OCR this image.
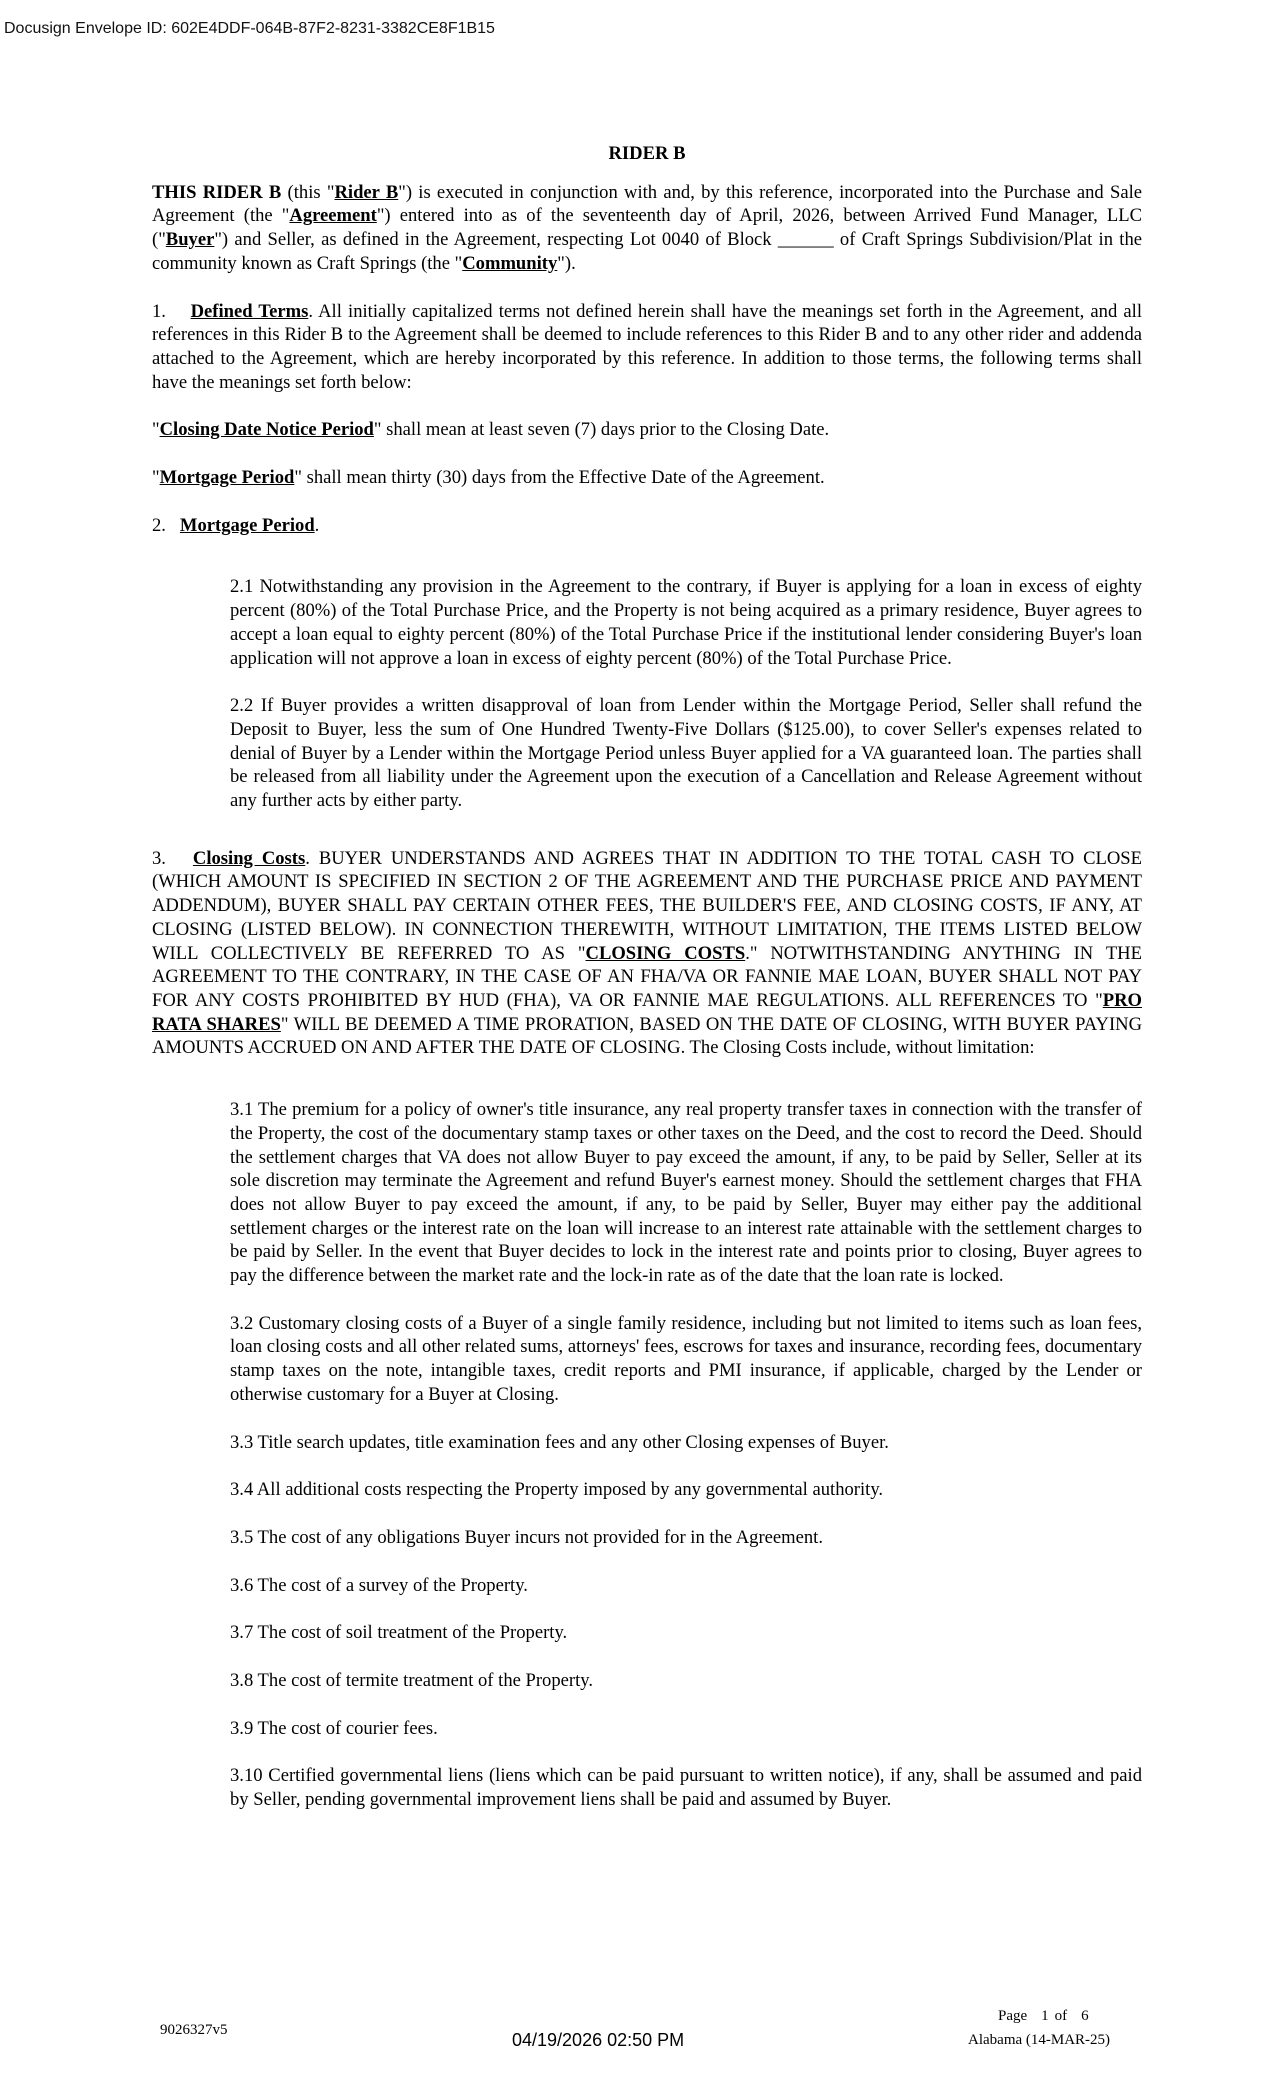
Docusign Envelope ID: 602E4DDF-064B-87F2-8231-3382CE8F1B15

RIDER B

THIS RIDER B (this "Rider B") is executed in conjunction with and, by this reference, incorporated into the Purchase and Sale Agreement (the "Agreement") entered into as of the seventeenth day of April, 2026, between Arrived Fund Manager, LLC ("Buyer") and Seller, as defined in the Agreement, respecting Lot 0040 of Block ______ of Craft Springs Subdivision/Plat in the community known as Craft Springs (the "Community").

1. Defined Terms. All initially capitalized terms not defined herein shall have the meanings set forth in the Agreement, and all references in this Rider B to the Agreement shall be deemed to include references to this Rider B and to any other rider and addenda attached to the Agreement, which are hereby incorporated by this reference. In addition to those terms, the following terms shall have the meanings set forth below:

"Closing Date Notice Period" shall mean at least seven (7) days prior to the Closing Date.

"Mortgage Period" shall mean thirty (30) days from the Effective Date of the Agreement.

2. Mortgage Period.

2.1 Notwithstanding any provision in the Agreement to the contrary, if Buyer is applying for a loan in excess of eighty percent (80%) of the Total Purchase Price, and the Property is not being acquired as a primary residence, Buyer agrees to accept a loan equal to eighty percent (80%) of the Total Purchase Price if the institutional lender considering Buyer's loan application will not approve a loan in excess of eighty percent (80%) of the Total Purchase Price.

2.2 If Buyer provides a written disapproval of loan from Lender within the Mortgage Period, Seller shall refund the Deposit to Buyer, less the sum of One Hundred Twenty-Five Dollars ($125.00), to cover Seller's expenses related to denial of Buyer by a Lender within the Mortgage Period unless Buyer applied for a VA guaranteed loan. The parties shall be released from all liability under the Agreement upon the execution of a Cancellation and Release Agreement without any further acts by either party.

3. Closing Costs. BUYER UNDERSTANDS AND AGREES THAT IN ADDITION TO THE TOTAL CASH TO CLOSE (WHICH AMOUNT IS SPECIFIED IN SECTION 2 OF THE AGREEMENT AND THE PURCHASE PRICE AND PAYMENT ADDENDUM), BUYER SHALL PAY CERTAIN OTHER FEES, THE BUILDER'S FEE, AND CLOSING COSTS, IF ANY, AT CLOSING (LISTED BELOW). IN CONNECTION THEREWITH, WITHOUT LIMITATION, THE ITEMS LISTED BELOW WILL COLLECTIVELY BE REFERRED TO AS "CLOSING COSTS." NOTWITHSTANDING ANYTHING IN THE AGREEMENT TO THE CONTRARY, IN THE CASE OF AN FHA/VA OR FANNIE MAE LOAN, BUYER SHALL NOT PAY FOR ANY COSTS PROHIBITED BY HUD (FHA), VA OR FANNIE MAE REGULATIONS. ALL REFERENCES TO "PRO RATA SHARES" WILL BE DEEMED A TIME PRORATION, BASED ON THE DATE OF CLOSING, WITH BUYER PAYING AMOUNTS ACCRUED ON AND AFTER THE DATE OF CLOSING. The Closing Costs include, without limitation:

3.1 The premium for a policy of owner's title insurance, any real property transfer taxes in connection with the transfer of the Property, the cost of the documentary stamp taxes or other taxes on the Deed, and the cost to record the Deed. Should the settlement charges that VA does not allow Buyer to pay exceed the amount, if any, to be paid by Seller, Seller at its sole discretion may terminate the Agreement and refund Buyer's earnest money. Should the settlement charges that FHA does not allow Buyer to pay exceed the amount, if any, to be paid by Seller, Buyer may either pay the additional settlement charges or the interest rate on the loan will increase to an interest rate attainable with the settlement charges to be paid by Seller. In the event that Buyer decides to lock in the interest rate and points prior to closing, Buyer agrees to pay the difference between the market rate and the lock-in rate as of the date that the loan rate is locked.

3.2 Customary closing costs of a Buyer of a single family residence, including but not limited to items such as loan fees, loan closing costs and all other related sums, attorneys' fees, escrows for taxes and insurance, recording fees, documentary stamp taxes on the note, intangible taxes, credit reports and PMI insurance, if applicable, charged by the Lender or otherwise customary for a Buyer at Closing.

3.3 Title search updates, title examination fees and any other Closing expenses of Buyer.

3.4 All additional costs respecting the Property imposed by any governmental authority.

3.5 The cost of any obligations Buyer incurs not provided for in the Agreement.

3.6 The cost of a survey of the Property.

3.7 The cost of soil treatment of the Property.

3.8 The cost of termite treatment of the Property.

3.9 The cost of courier fees.

3.10 Certified governmental liens (liens which can be paid pursuant to written notice), if any, shall be assumed and paid by Seller, pending governmental improvement liens shall be paid and assumed by Buyer.

Page 1 of 6
9026327v5	04/19/2026 02:50 PM	Alabama (14-MAR-25)
